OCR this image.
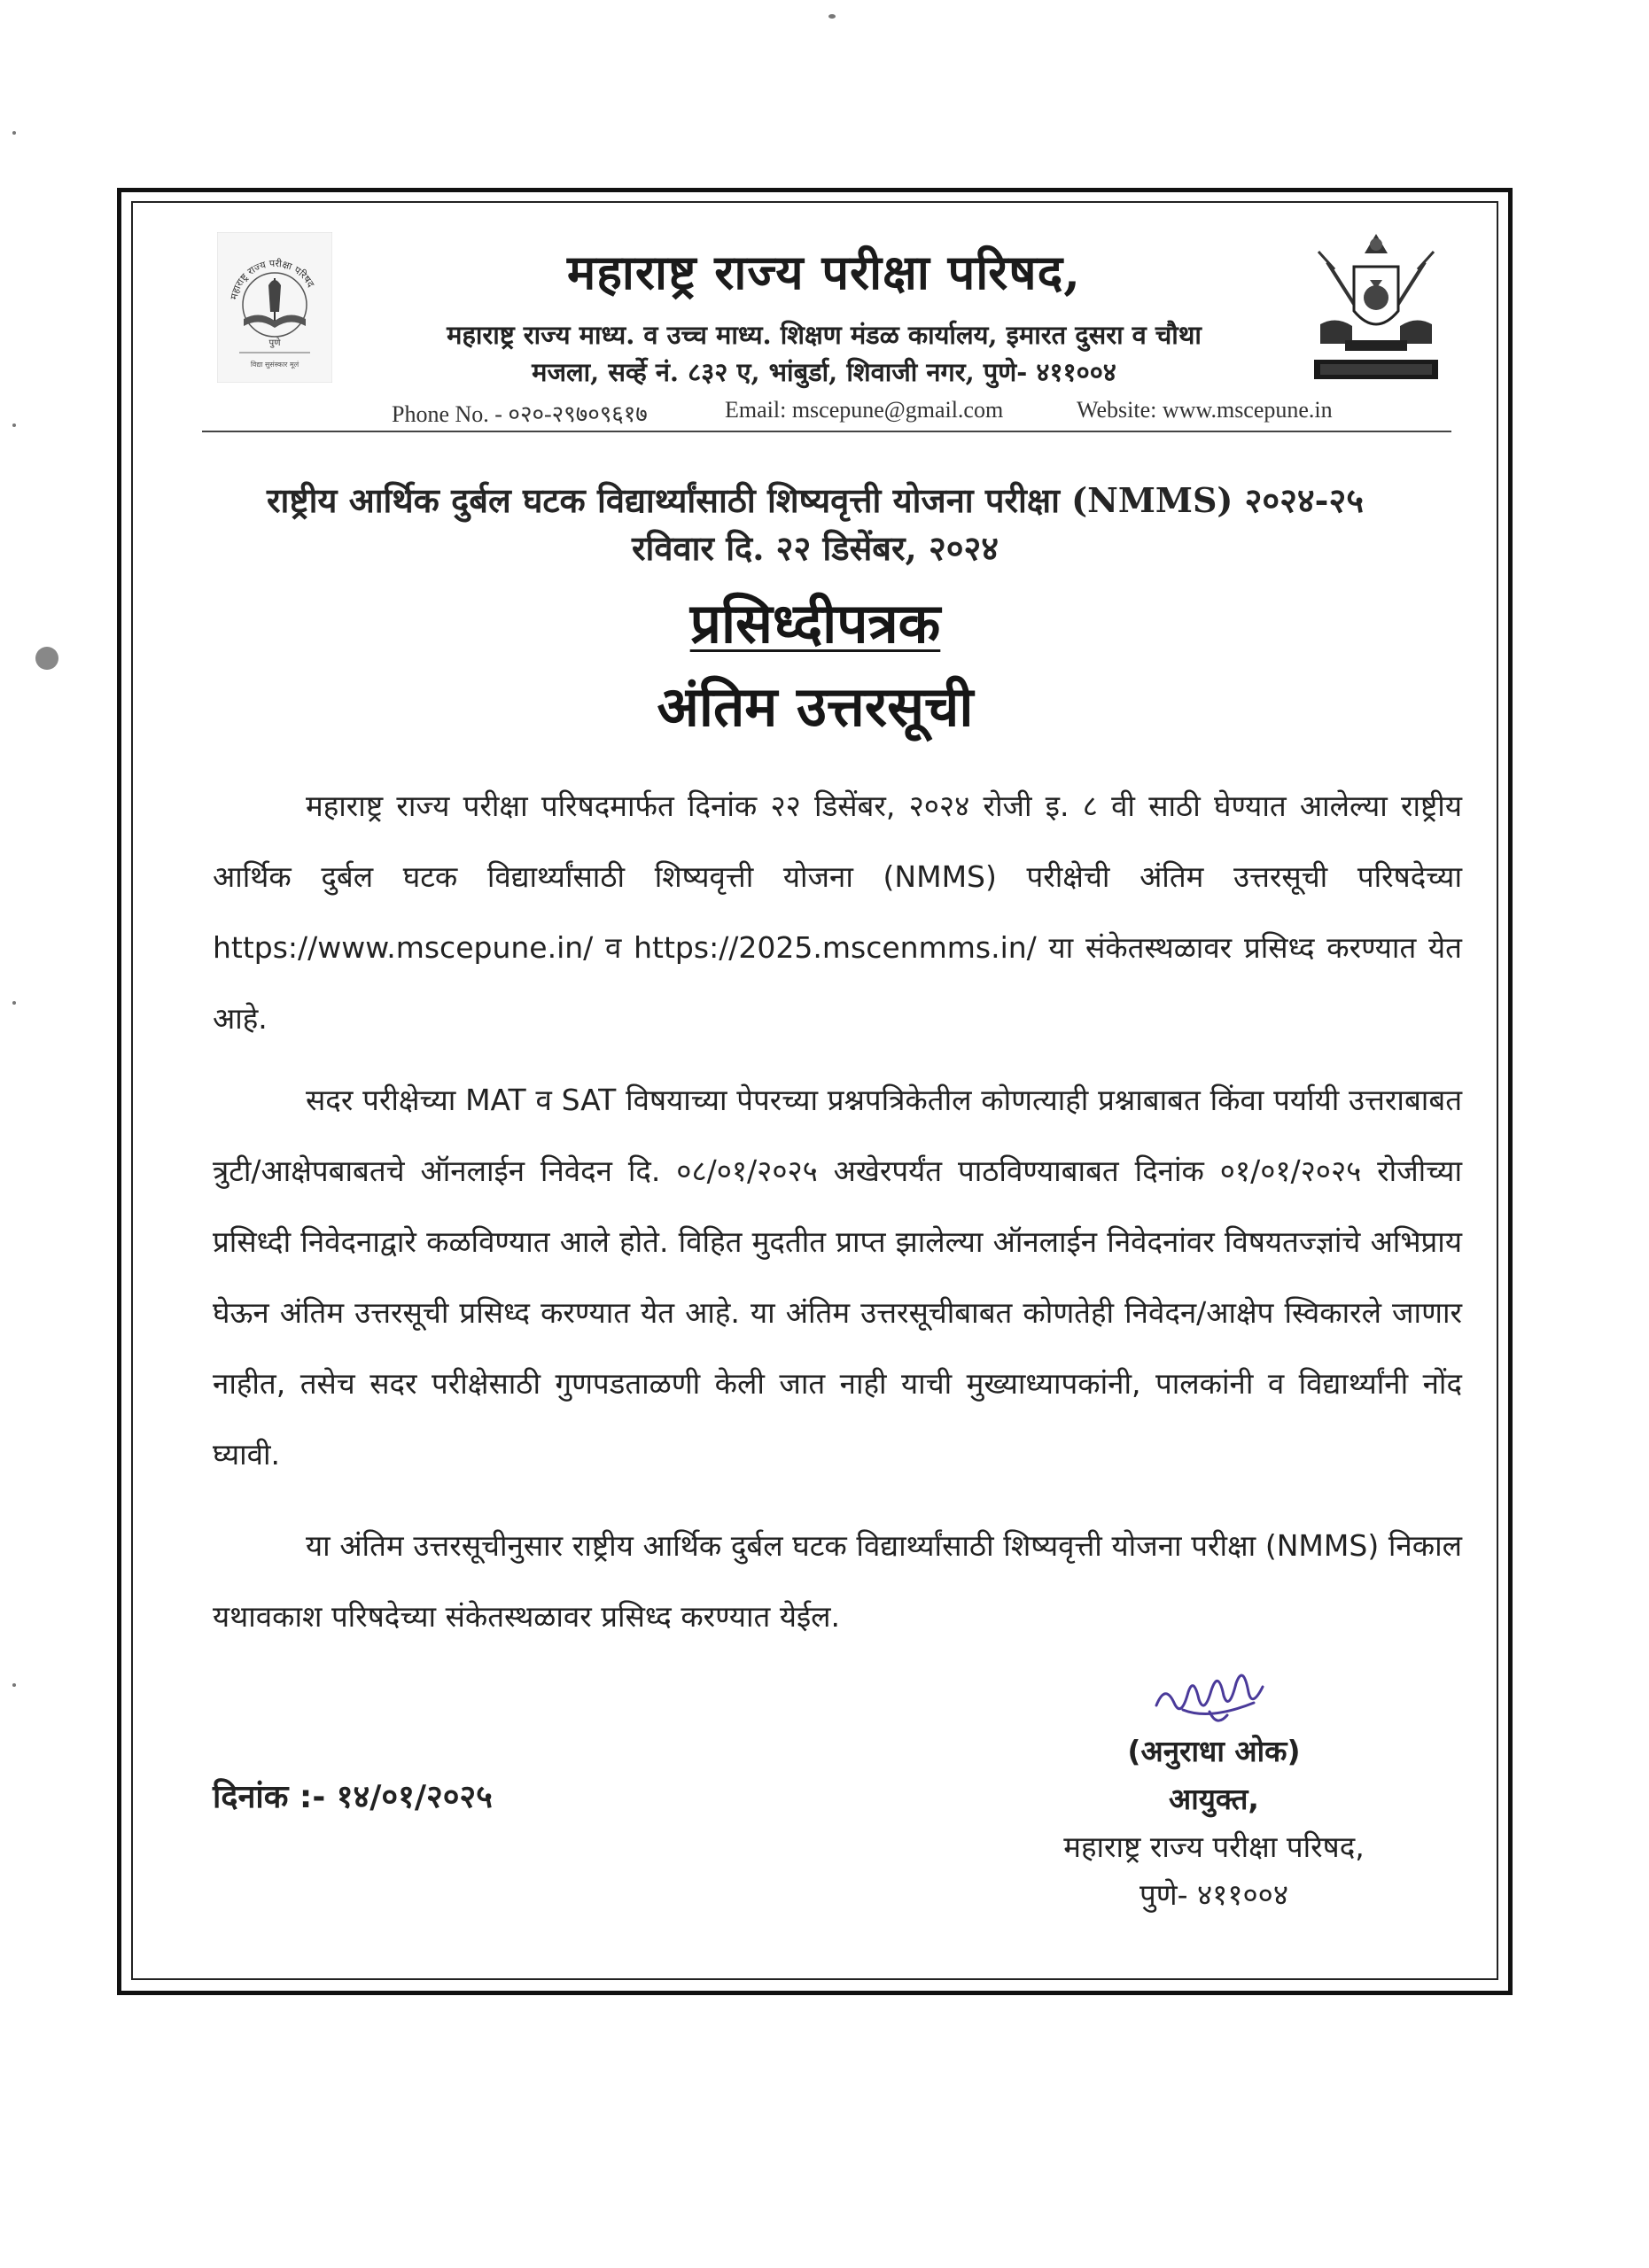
महाराष्ट्र राज्य परीक्षा परिषद
पुणे
विद्या सुसंस्कार मूलं
महाराष्ट्र राज्य परीक्षा परिषद,
महाराष्ट्र राज्य माध्य. व उच्च माध्य. शिक्षण मंडळ कार्यालय, इमारत दुसरा व चौथा
मजला, सर्व्हे नं. ८३२ ए, भांबुर्डा, शिवाजी नगर, पुणे- ४११००४
Phone No. - ०२०-२९७०९६१७	Email: mscepune@gmail.com	Website: www.mscepune.in
राष्ट्रीय आर्थिक दुर्बल घटक विद्यार्थ्यांसाठी शिष्यवृत्ती योजना परीक्षा (NMMS) २०२४-२५
रविवार दि. २२ डिसेंबर, २०२४
प्रसिध्दीपत्रक
अंतिम उत्तरसूची
महाराष्ट्र राज्य परीक्षा परिषदमार्फत दिनांक २२ डिसेंबर, २०२४ रोजी इ. ८ वी साठी घेण्यात आलेल्या राष्ट्रीय आर्थिक दुर्बल घटक विद्यार्थ्यांसाठी शिष्यवृत्ती योजना (NMMS) परीक्षेची अंतिम उत्तरसूची परिषदेच्या https://www.mscepune.in/ व https://2025.mscenmms.in/ या संकेतस्थळावर प्रसिध्द करण्यात येत आहे.
सदर परीक्षेच्या MAT व SAT विषयाच्या पेपरच्या प्रश्नपत्रिकेतील कोणत्याही प्रश्नाबाबत किंवा पर्यायी उत्तराबाबत त्रुटी/आक्षेपबाबतचे ऑनलाईन निवेदन दि. ०८/०१/२०२५ अखेरपर्यंत पाठविण्याबाबत दिनांक ०१/०१/२०२५ रोजीच्या प्रसिध्दी निवेदनाद्वारे कळविण्यात आले होते. विहित मुदतीत प्राप्त झालेल्या ऑनलाईन निवेदनांवर विषयतज्ज्ञांचे अभिप्राय घेऊन अंतिम उत्तरसूची प्रसिध्द करण्यात येत आहे. या अंतिम उत्तरसूचीबाबत कोणतेही निवेदन/आक्षेप स्विकारले जाणार नाहीत, तसेच सदर परीक्षेसाठी गुणपडताळणी केली जात नाही याची मुख्याध्यापकांनी, पालकांनी व विद्यार्थ्यांनी नोंद घ्यावी.
या अंतिम उत्तरसूचीनुसार राष्ट्रीय आर्थिक दुर्बल घटक विद्यार्थ्यांसाठी शिष्यवृत्ती योजना परीक्षा (NMMS) निकाल यथावकाश परिषदेच्या संकेतस्थळावर प्रसिध्द करण्यात येईल.
(अनुराधा ओक)
आयुक्त,
महाराष्ट्र राज्य परीक्षा परिषद,
पुणे- ४११००४
दिनांक :- १४/०१/२०२५
